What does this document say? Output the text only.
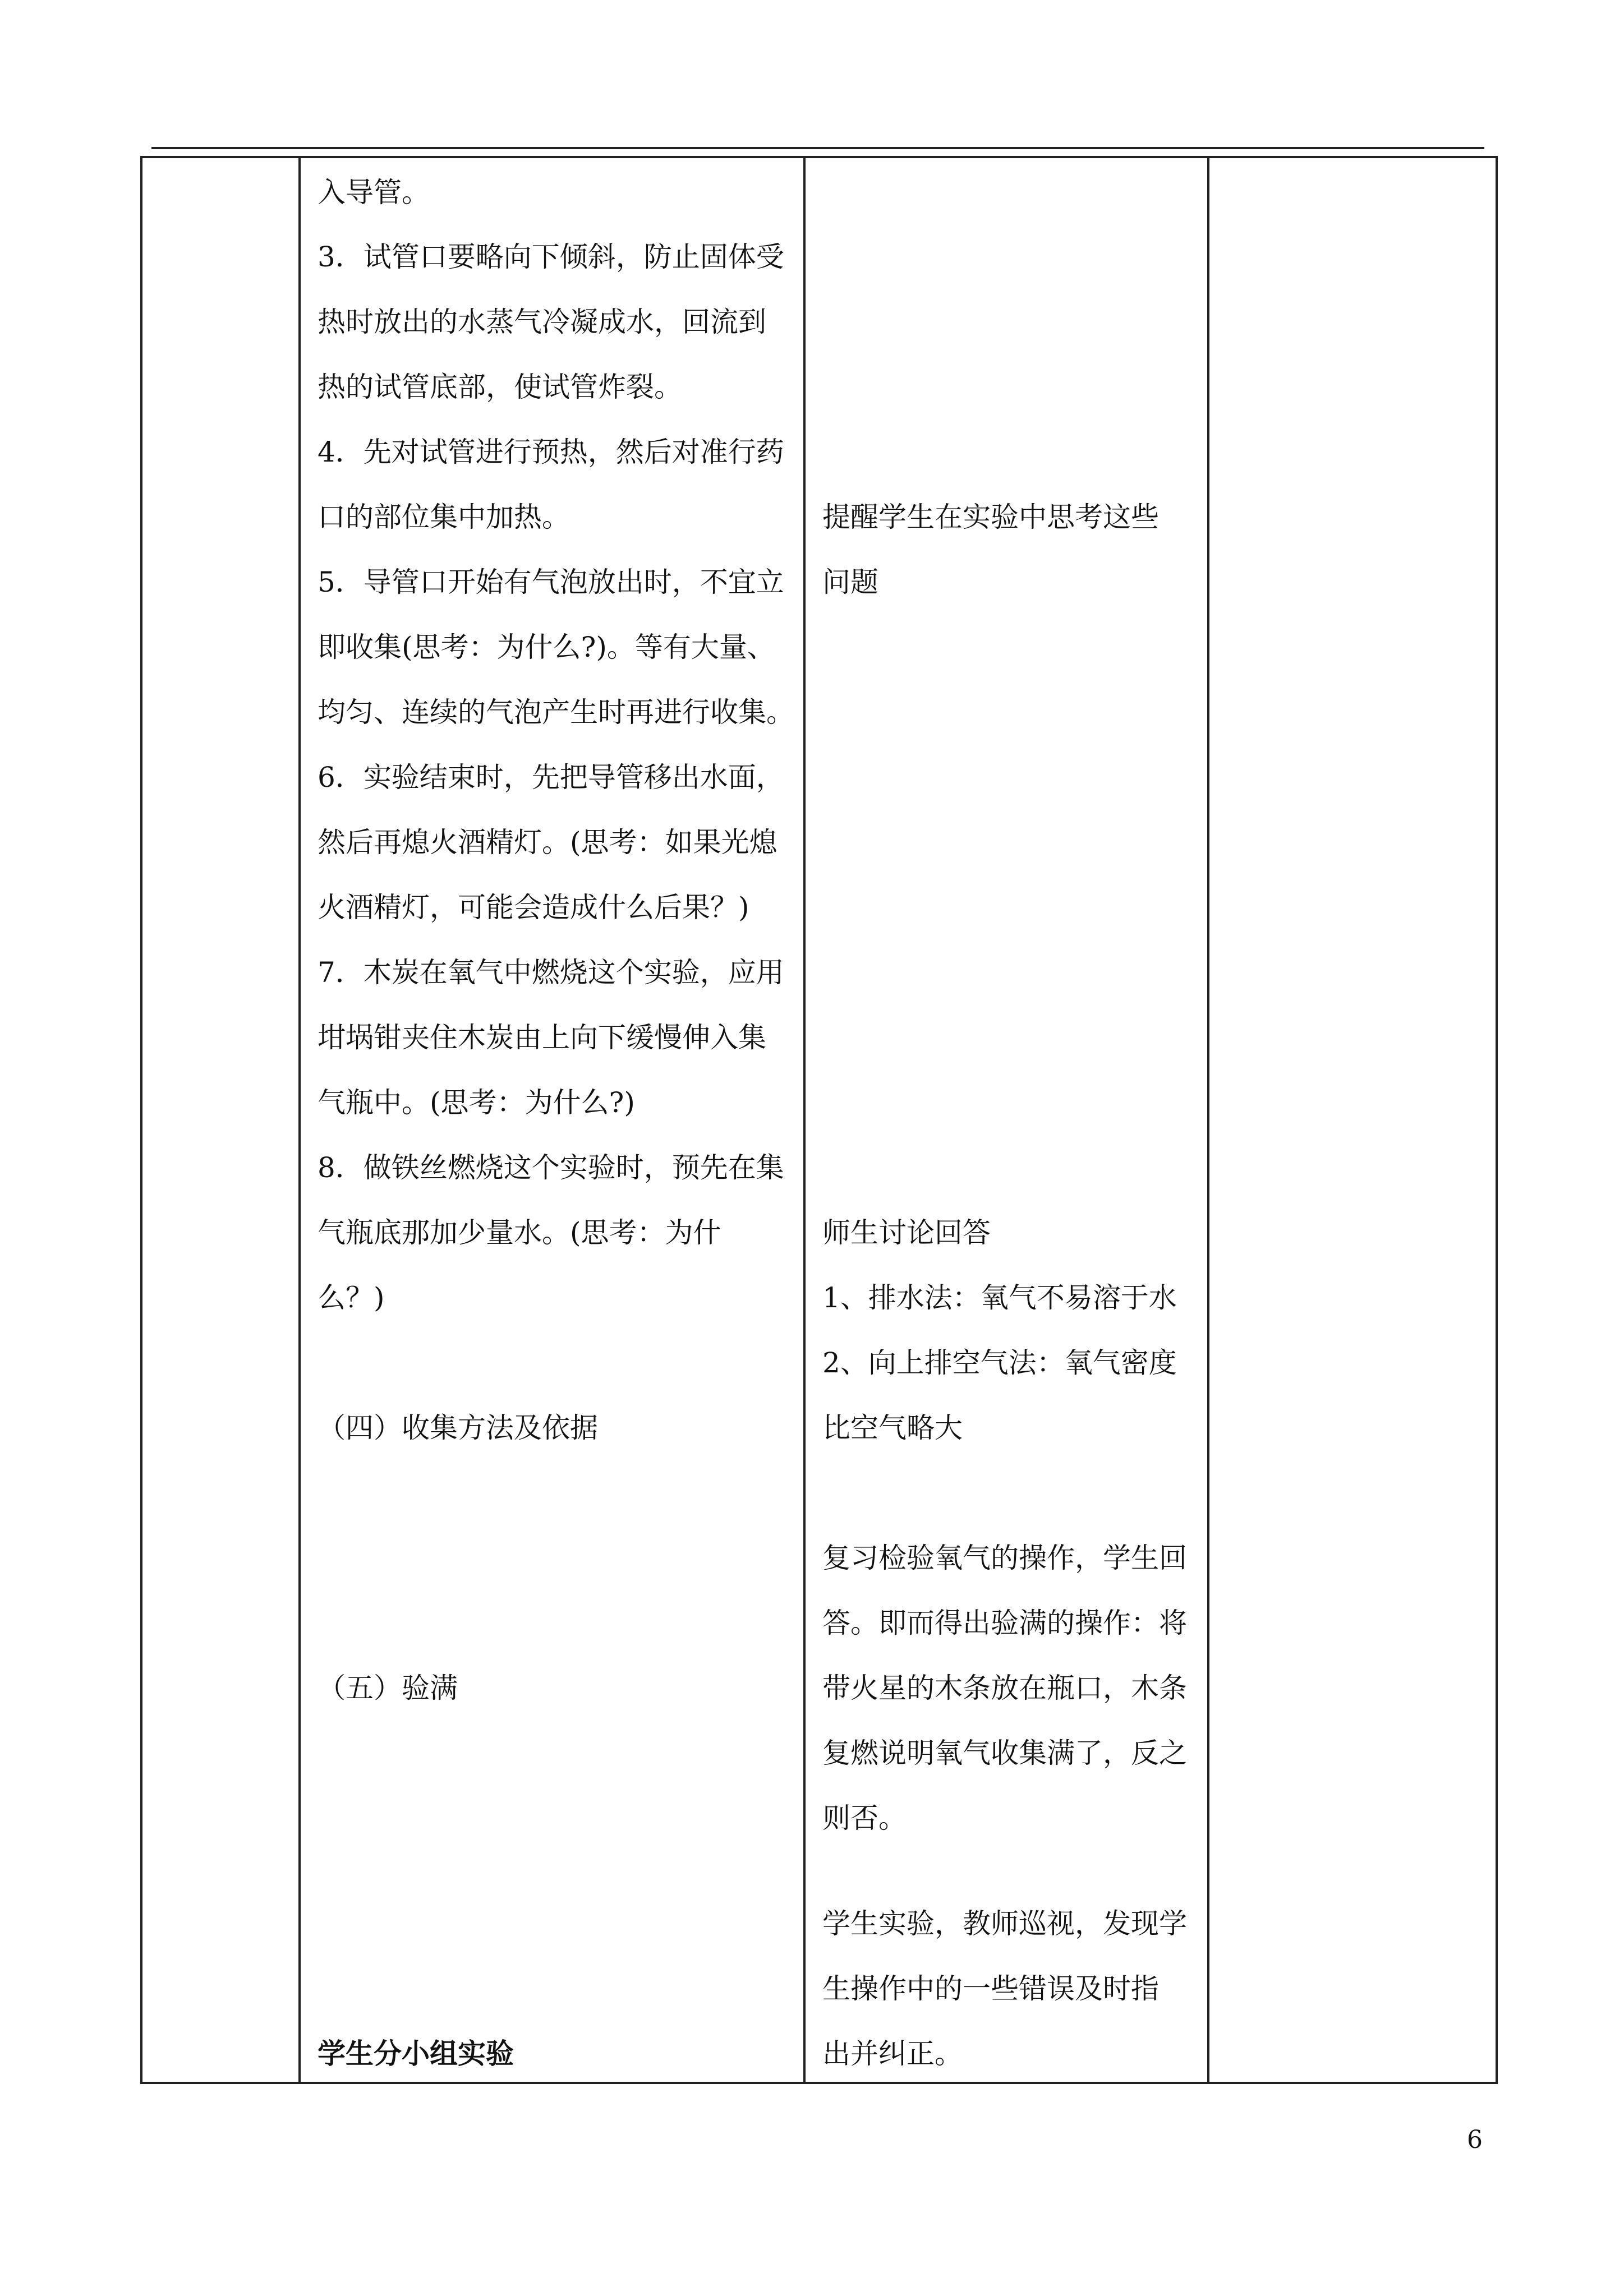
入导管。

3．试管口要略向下倾斜，防止固体受

热时放出的水蒸气冷凝成水，回流到

热的试管底部，使试管炸裂。

4．先对试管进行预热，然后对准行药

口的部位集中加热。

5．导管口开始有气泡放出时，不宜立

即收集(思考：为什么?)。等有大量、

均匀、连续的气泡产生时再进行收集。

6．实验结束时，先把导管移出水面，

然后再熄火酒精灯。(思考：如果光熄

火酒精灯，可能会造成什么后果？)

7．木炭在氧气中燃烧这个实验，应用

坩埚钳夹住木炭由上向下缓慢伸入集

气瓶中。(思考：为什么?)

8．做铁丝燃烧这个实验时，预先在集

气瓶底那加少量水。(思考：为什

么？)

（四）收集方法及依据

（五）验满

学生分小组实验

提醒学生在实验中思考这些

问题

师生讨论回答

1、排水法：氧气不易溶于水

2、向上排空气法：氧气密度

比空气略大

复习检验氧气的操作，学生回

答。即而得出验满的操作：将

带火星的木条放在瓶口，木条

复燃说明氧气收集满了，反之

则否。

学生实验，教师巡视，发现学

生操作中的一些错误及时指

出并纠正。

6
